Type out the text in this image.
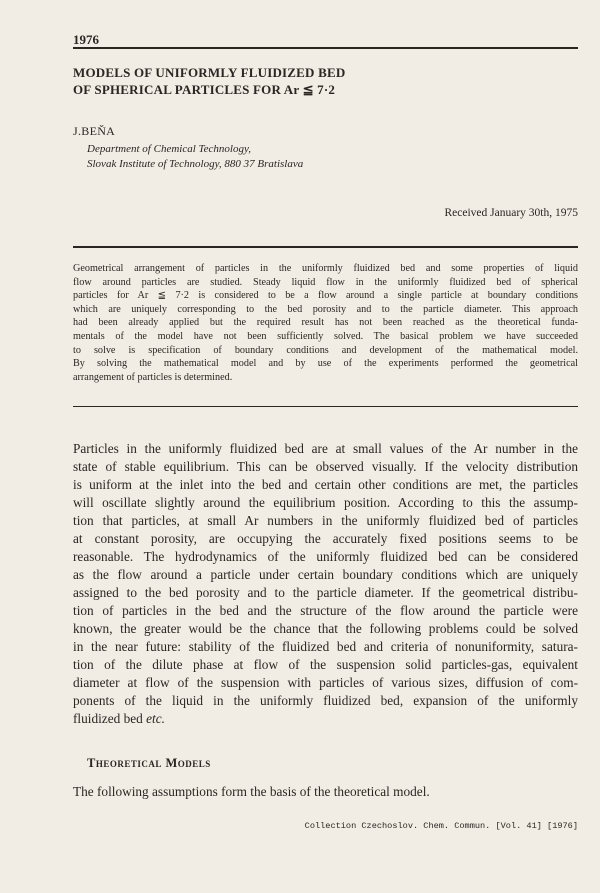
1976

MODELS OF UNIFORMLY FLUIDIZED BED
OF SPHERICAL PARTICLES FOR Ar ≦ 7·2

J.BEŇA

Department of Chemical Technology,
Slovak Institute of Technology, 880 37 Bratislava

Received January 30th, 1975

Geometrical arrangement of particles in the uniformly fluidized bed and some properties of liquid
flow around particles are studied. Steady liquid flow in the uniformly fluidized bed of spherical
particles for Ar ≦ 7·2 is considered to be a flow around a single particle at boundary conditions
which are uniquely corresponding to the bed porosity and to the particle diameter. This approach
had been already applied but the required result has not been reached as the theoretical funda-
mentals of the model have not been sufficiently solved. The basical problem we have succeeded
to solve is specification of boundary conditions and development of the mathematical model.
By solving the mathematical model and by use of the experiments performed the geometrical
arrangement of particles is determined.
Particles in the uniformly fluidized bed are at small values of the Ar number in the
state of stable equilibrium. This can be observed visually. If the velocity distribution
is uniform at the inlet into the bed and certain other conditions are met, the particles
will oscillate slightly around the equilibrium position. According to this the assump-
tion that particles, at small Ar numbers in the uniformly fluidized bed of particles
at constant porosity, are occupying the accurately fixed positions seems to be
reasonable. The hydrodynamics of the uniformly fluidized bed can be considered
as the flow around a particle under certain boundary conditions which are uniquely
assigned to the bed porosity and to the particle diameter. If the geometrical distribu-
tion of particles in the bed and the structure of the flow around the particle were
known, the greater would be the chance that the following problems could be solved
in the near future: stability of the fluidized bed and criteria of nonuniformity, satura-
tion of the dilute phase at flow of the suspension solid particles-gas, equivalent
diameter at flow of the suspension with particles of various sizes, diffusion of com-
ponents of the liquid in the uniformly fluidized bed, expansion of the uniformly
fluidized bed etc.
Theoretical Models

The following assumptions form the basis of the theoretical model.

Collection Czechoslov. Chem. Commun. [Vol. 41] [1976]
